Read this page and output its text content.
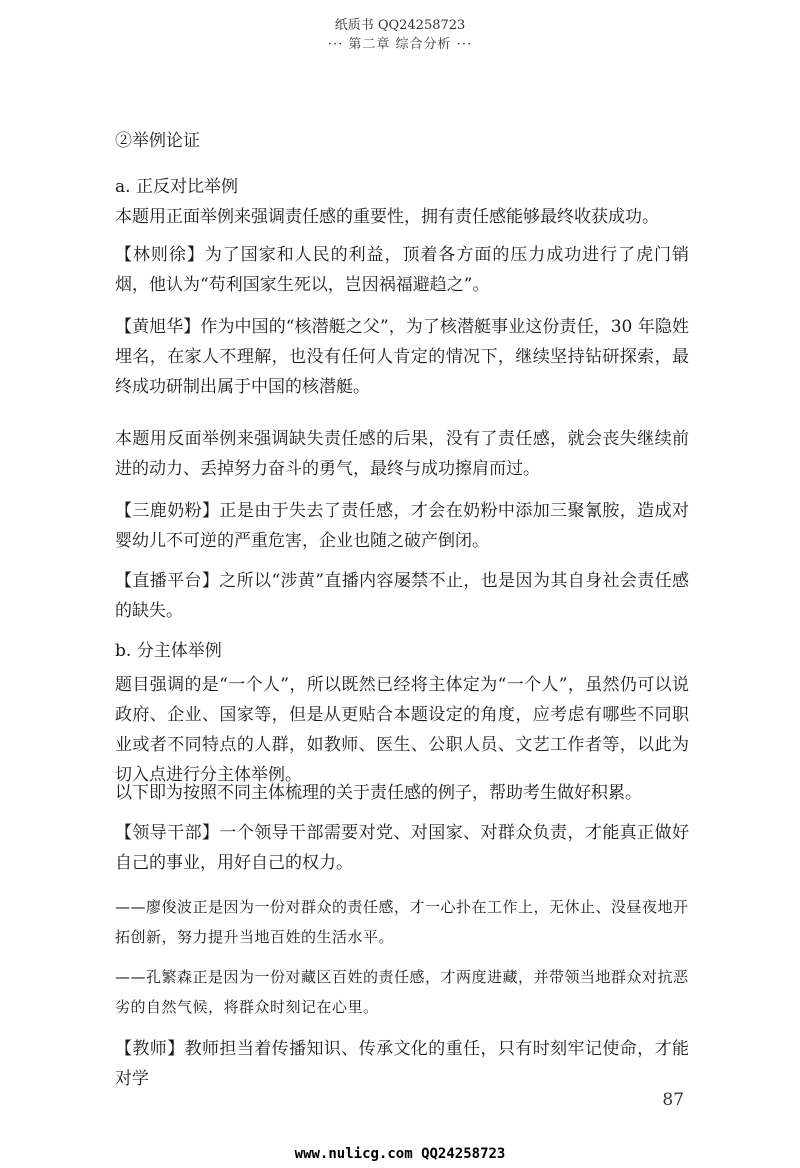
纸质书 QQ24258723
··· 第二章 综合分析 ···

②举例论证

a. 正反对比举例

本题用正面举例来强调责任感的重要性，拥有责任感能够最终收获成功。

【林则徐】为了国家和人民的利益，顶着各方面的压力成功进行了虎门销烟，他认为“苟利国家生死以，岂因祸福避趋之”。

【黄旭华】作为中国的“核潜艇之父”，为了核潜艇事业这份责任，30 年隐姓埋名，在家人不理解，也没有任何人肯定的情况下，继续坚持钻研探索，最终成功研制出属于中国的核潜艇。

本题用反面举例来强调缺失责任感的后果，没有了责任感，就会丧失继续前进的动力、丢掉努力奋斗的勇气，最终与成功擦肩而过。

【三鹿奶粉】正是由于失去了责任感，才会在奶粉中添加三聚氰胺，造成对婴幼儿不可逆的严重危害，企业也随之破产倒闭。

【直播平台】之所以“涉黄”直播内容屡禁不止，也是因为其自身社会责任感的缺失。

b. 分主体举例

题目强调的是“一个人”，所以既然已经将主体定为“一个人”，虽然仍可以说政府、企业、国家等，但是从更贴合本题设定的角度，应考虑有哪些不同职业或者不同特点的人群，如教师、医生、公职人员、文艺工作者等，以此为切入点进行分主体举例。

以下即为按照不同主体梳理的关于责任感的例子，帮助考生做好积累。

【领导干部】一个领导干部需要对党、对国家、对群众负责，才能真正做好自己的事业，用好自己的权力。

——廖俊波正是因为一份对群众的责任感，才一心扑在工作上，无休止、没昼夜地开拓创新，努力提升当地百姓的生活水平。

——孔繁森正是因为一份对藏区百姓的责任感，才两度进藏，并带领当地群众对抗恶劣的自然气候，将群众时刻记在心里。

【教师】教师担当着传播知识、传承文化的重任，只有时刻牢记使命，才能对学

87
www.nulicg.com QQ24258723
